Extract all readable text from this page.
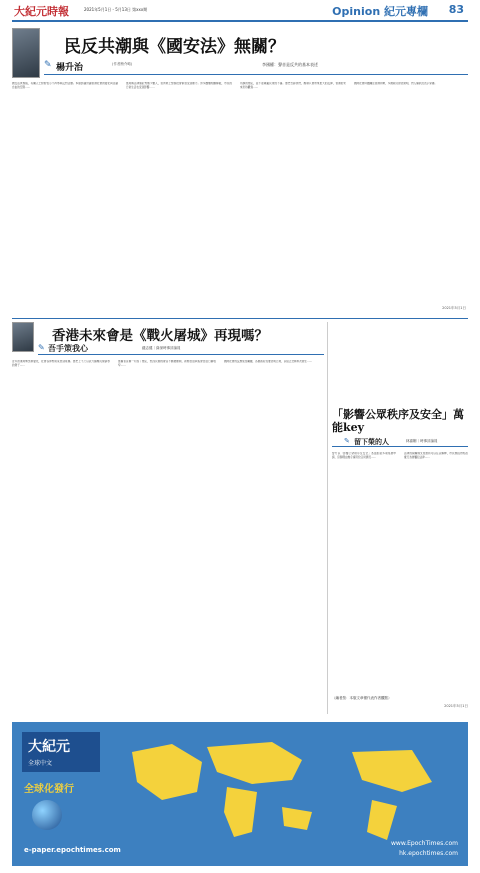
大紀元時報	2021年5月1日 - 5月13日 第xxx期	Opinion 紀元專欄 83
民反共潮與《國安法》無關？
✎ 楊升治	(作者簡介略)	李國權：聲音是反共的基本表述

國安法實施後，有關人士紛紛表示不再參與反對活動。本篇評論討論香港社會的變化與言論自由的空間……

當局稱法律僅針對極少數人，但實際上整個社會都感受到壓力。許多團體相繼解散，市民的日常生活也受到影響……

所謂的穩定，並不能掩蓋民眾的不滿。歷史告訴我們，壓制只會帶來更大的反彈，香港的未來仍待觀察……

國際社會持續關注香港局勢，多國政府發表聲明，對人權狀況表示憂慮。

2021年5月1日
香港未來會是《戰火屠城》再現嗎？
✎ 吾手策我心	錢志健｜資深時事評論員

近年香港局勢急劇變化，社會各界對前景感到憂慮。歷史上不乏以武力鎮壓民間訴求的例子……

當權者宣稱一切為了穩定，然而民間的聲音不斷被壓制，新聞自由與集會自由日漸收窄……

國際社會的反應成為關鍵，各國政府需要表明立場，以阻止悲劇再次發生……

「影響公眾秩序及安全」萬能key
✎ 留下榮的人	林嘉剛｜時事評論員

警方以「影響公眾秩序及安全」為由拒絕多項集會申請，這個理由幾乎適用於任何情況……

法律的模糊條文使當局可以任意解釋，市民無從得知甚麼行為會觸犯法律……

（編者按：本版文章僅代表作者觀點）
2021年5月1日
大紀元
全球中文
全球化發行
e-paper.epochtimes.com
www.EpochTimes.com
hk.epochtimes.com
